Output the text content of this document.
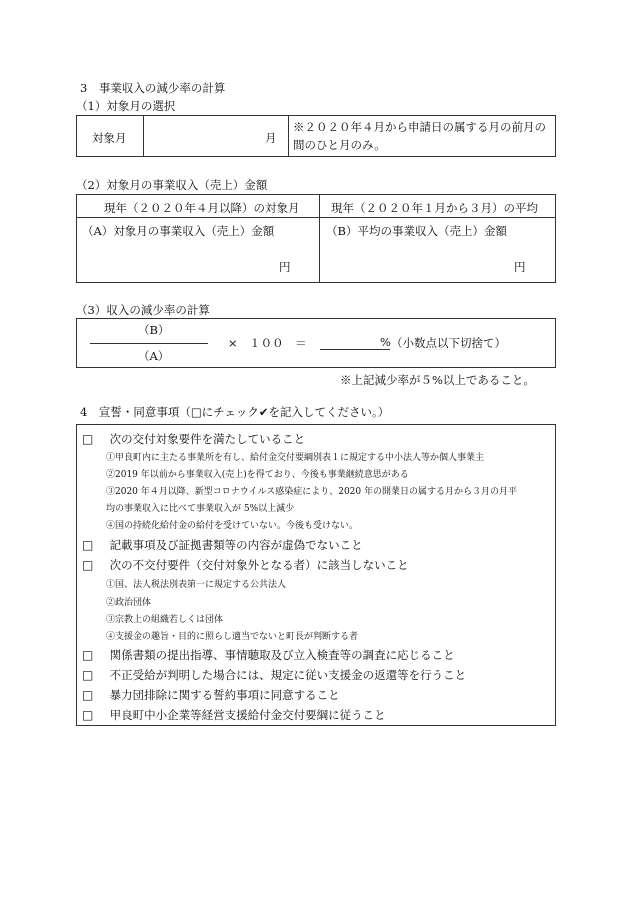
3　事業収入の減少率の計算
（1）対象月の選択
対象月	月
※２０２０年４月から申請日の属する月の前月の
間のひと月のみ。
（2）対象月の事業収入（売上）金額
現年（２０２０年４月以降）の対象月	現年（２０２０年１月から３月）の平均
（A）対象月の事業収入（売上）金額	（B）平均の事業収入（売上）金額
円	円
（3）収入の減少率の計算
（B）
（A）
×　１００　＝	% （小数点以下切捨て）
※上記減少率が５%以上であること。
4　宣誓・同意事項（□にチェック✔を記入してください。）
□ 次の交付対象要件を満たしていること
①甲良町内に主たる事業所を有し、給付金交付要綱別表１に規定する中小法人等か個人事業主
②2019 年以前から事業収入(売上)を得ており、今後も事業継続意思がある
③2020 年４月以降、新型コロナウイルス感染症により、2020 年の開業日の属する月から３月の月平
均の事業収入に比べて事業収入が 5%以上減少
④国の持続化給付金の給付を受けていない。今後も受けない。
□ 記載事項及び証拠書類等の内容が虚偽でないこと
□ 次の不交付要件（交付対象外となる者）に該当しないこと
①国、法人税法別表第一に規定する公共法人
②政治団体
③宗教上の組織若しくは団体
④支援金の趣旨・目的に照らし適当でないと町長が判断する者
□ 関係書類の提出指導、事情聴取及び立入検査等の調査に応じること
□ 不正受給が判明した場合には、規定に従い支援金の返還等を行うこと
□ 暴力団排除に関する誓約事項に同意すること
□ 甲良町中小企業等経営支援給付金交付要綱に従うこと
